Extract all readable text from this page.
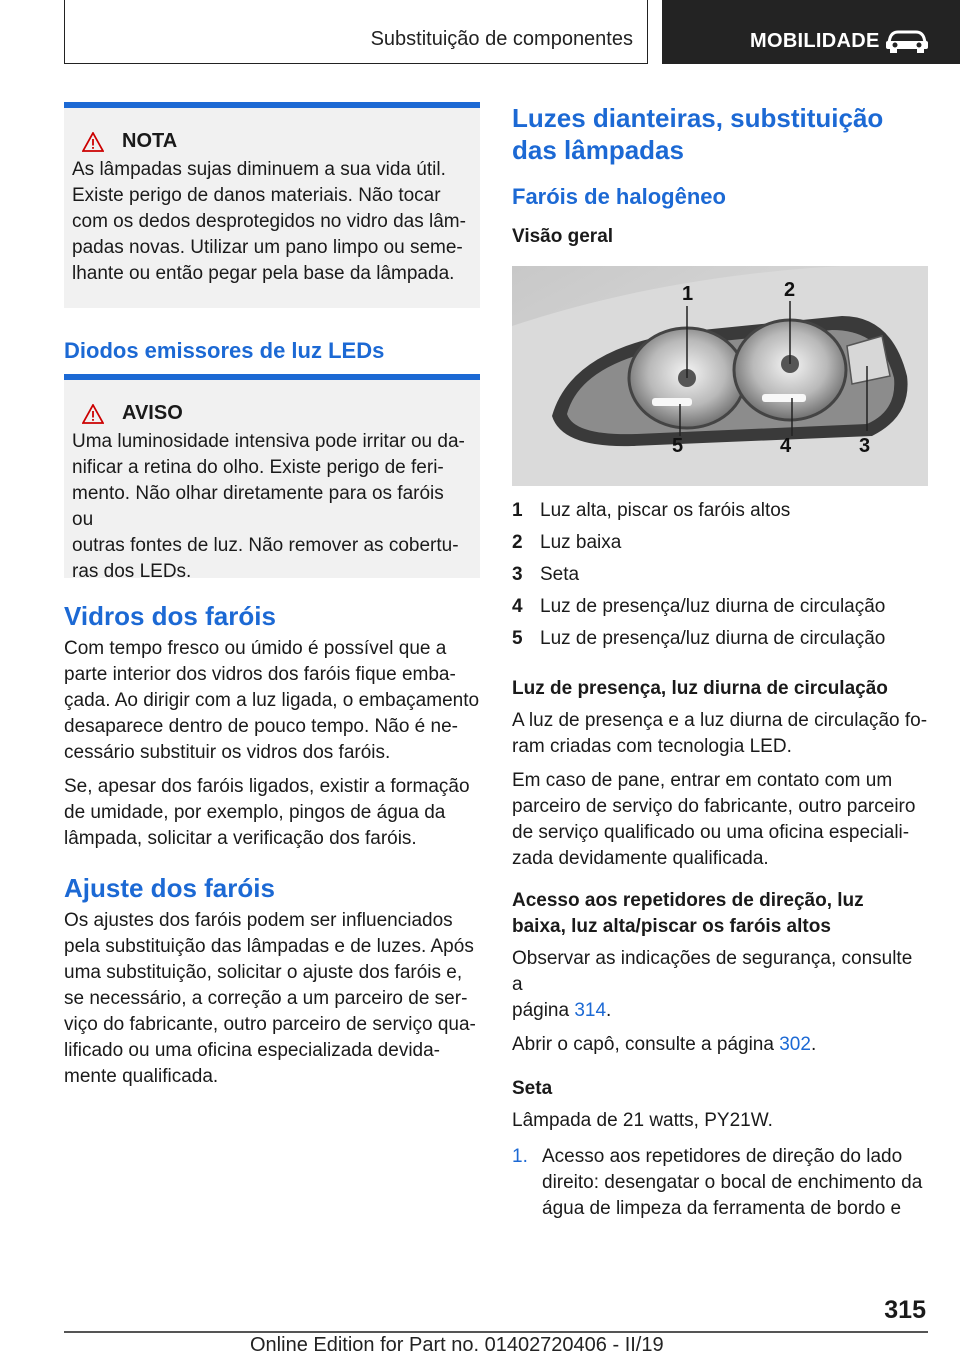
Substituição de componentes	MOBILIDADE
NOTA
As lâmpadas sujas diminuem a sua vida útil.
Existe perigo de danos materiais. Não tocar
com os dedos desprotegidos no vidro das lâm-
padas novas. Utilizar um pano limpo ou seme-
lhante ou então pegar pela base da lâmpada.
Diodos emissores de luz LEDs
AVISO
Uma luminosidade intensiva pode irritar ou da-
nificar a retina do olho. Existe perigo de feri-
mento. Não olhar diretamente para os faróis ou
outras fontes de luz. Não remover as cobertu-
ras dos LEDs.
Vidros dos faróis
Com tempo fresco ou úmido é possível que a
parte interior dos vidros dos faróis fique emba-
çada. Ao dirigir com a luz ligada, o embaçamento
desaparece dentro de pouco tempo. Não é ne-
cessário substituir os vidros dos faróis.
Se, apesar dos faróis ligados, existir a formação
de umidade, por exemplo, pingos de água da
lâmpada, solicitar a verificação dos faróis.
Ajuste dos faróis
Os ajustes dos faróis podem ser influenciados
pela substituição das lâmpadas e de luzes. Após
uma substituição, solicitar o ajuste dos faróis e,
se necessário, a correção a um parceiro de ser-
viço do fabricante, outro parceiro de serviço qua-
lificado ou uma oficina especializada devida-
mente qualificada.
Luzes dianteiras, substituição
das lâmpadas
Faróis de halogêneo
Visão geral
1	2
3
4
5
1 Luz alta, piscar os faróis altos
2 Luz baixa
3 Seta
4 Luz de presença/luz diurna de circulação
5 Luz de presença/luz diurna de circulação
Luz de presença, luz diurna de circulação
A luz de presença e a luz diurna de circulação fo-
ram criadas com tecnologia LED.
Em caso de pane, entrar em contato com um
parceiro de serviço do fabricante, outro parceiro
de serviço qualificado ou uma oficina especiali-
zada devidamente qualificada.
Acesso aos repetidores de direção, luz
baixa, luz alta/piscar os faróis altos
Observar as indicações de segurança, consulte a
página 314.
Abrir o capô, consulte a página 302.
Seta
Lâmpada de 21 watts, PY21W.
1. Acesso aos repetidores de direção do lado
direito: desengatar o bocal de enchimento da
água de limpeza da ferramenta de bordo e
315
Online Edition for Part no. 01402720406 - II/19
